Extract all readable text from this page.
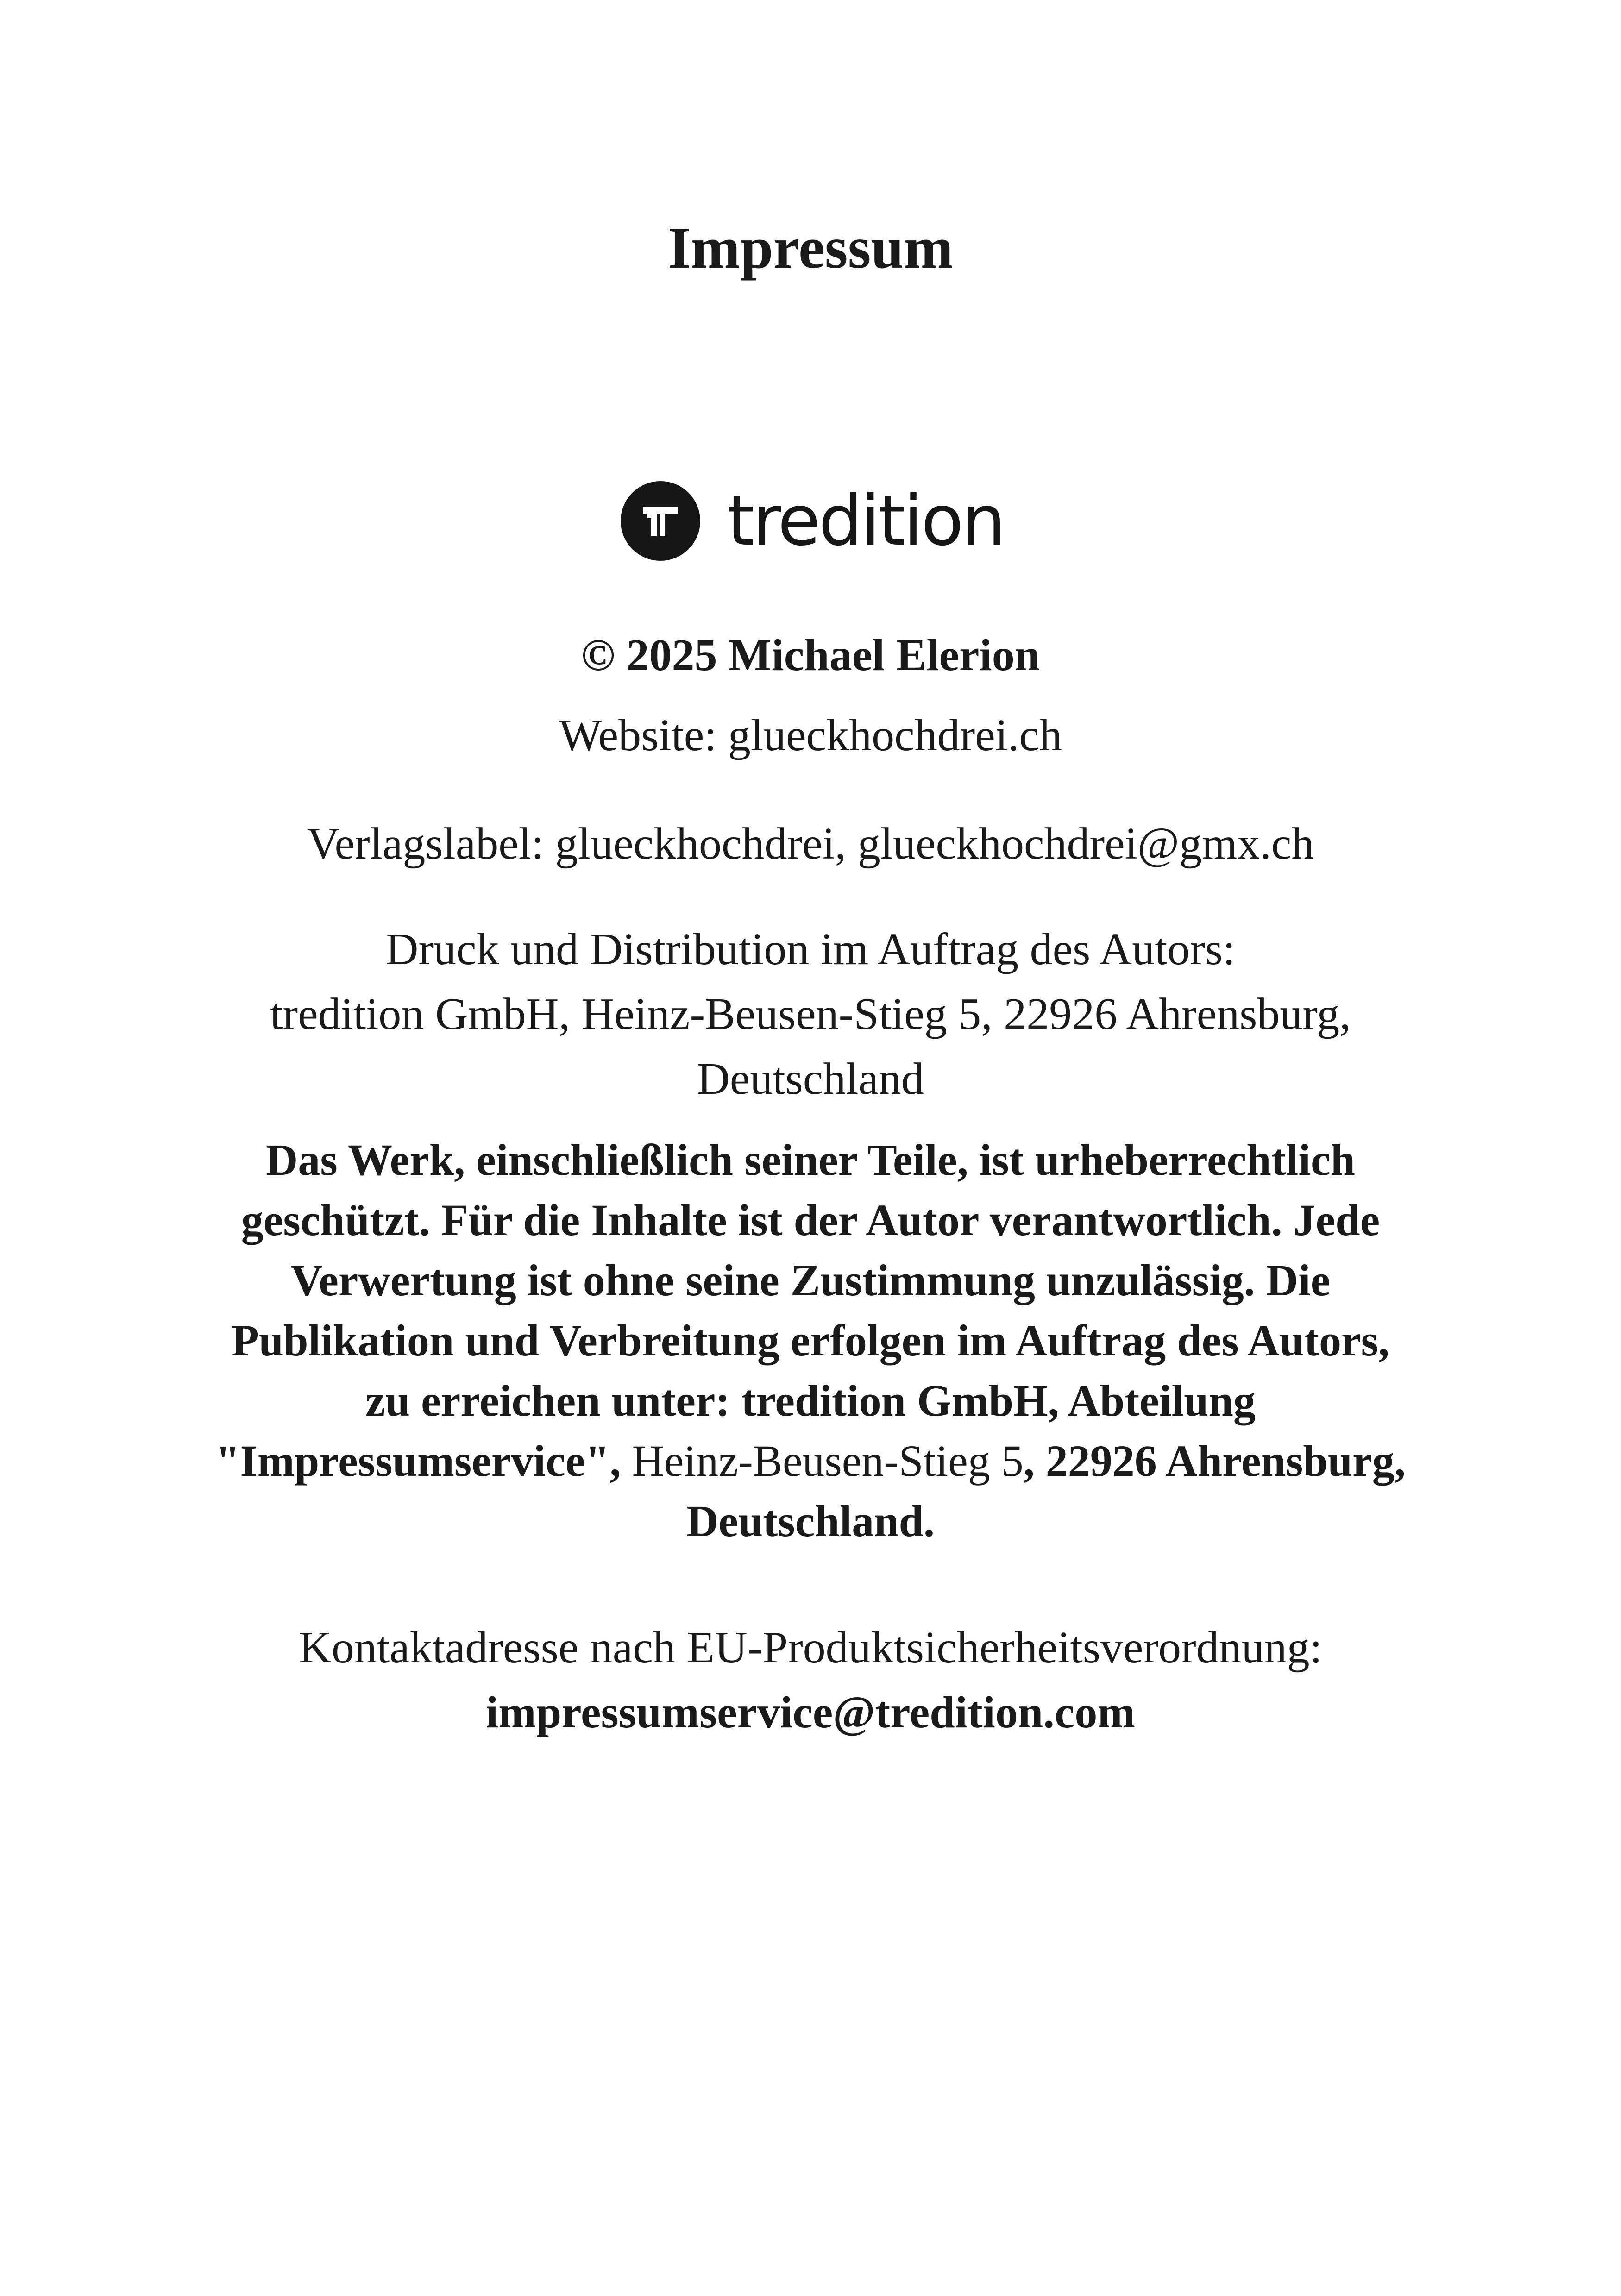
Impressum
tredition
© 2025 Michael Elerion
Website: glueckhochdrei.ch
Verlagslabel: glueckhochdrei, glueckhochdrei@gmx.ch
Druck und Distribution im Auftrag des Autors:
tredition GmbH, Heinz-Beusen-Stieg 5, 22926 Ahrensburg,
Deutschland
Das Werk, einschließlich seiner Teile, ist urheberrechtlich
geschützt. Für die Inhalte ist der Autor verantwortlich. Jede
Verwertung ist ohne seine Zustimmung unzulässig. Die
Publikation und Verbreitung erfolgen im Auftrag des Autors,
zu erreichen unter: tredition GmbH, Abteilung
"Impressumservice", Heinz-Beusen-Stieg 5, 22926 Ahrensburg,
Deutschland.
Kontaktadresse nach EU-Produktsicherheitsverordnung:
impressumservice@tredition.com
